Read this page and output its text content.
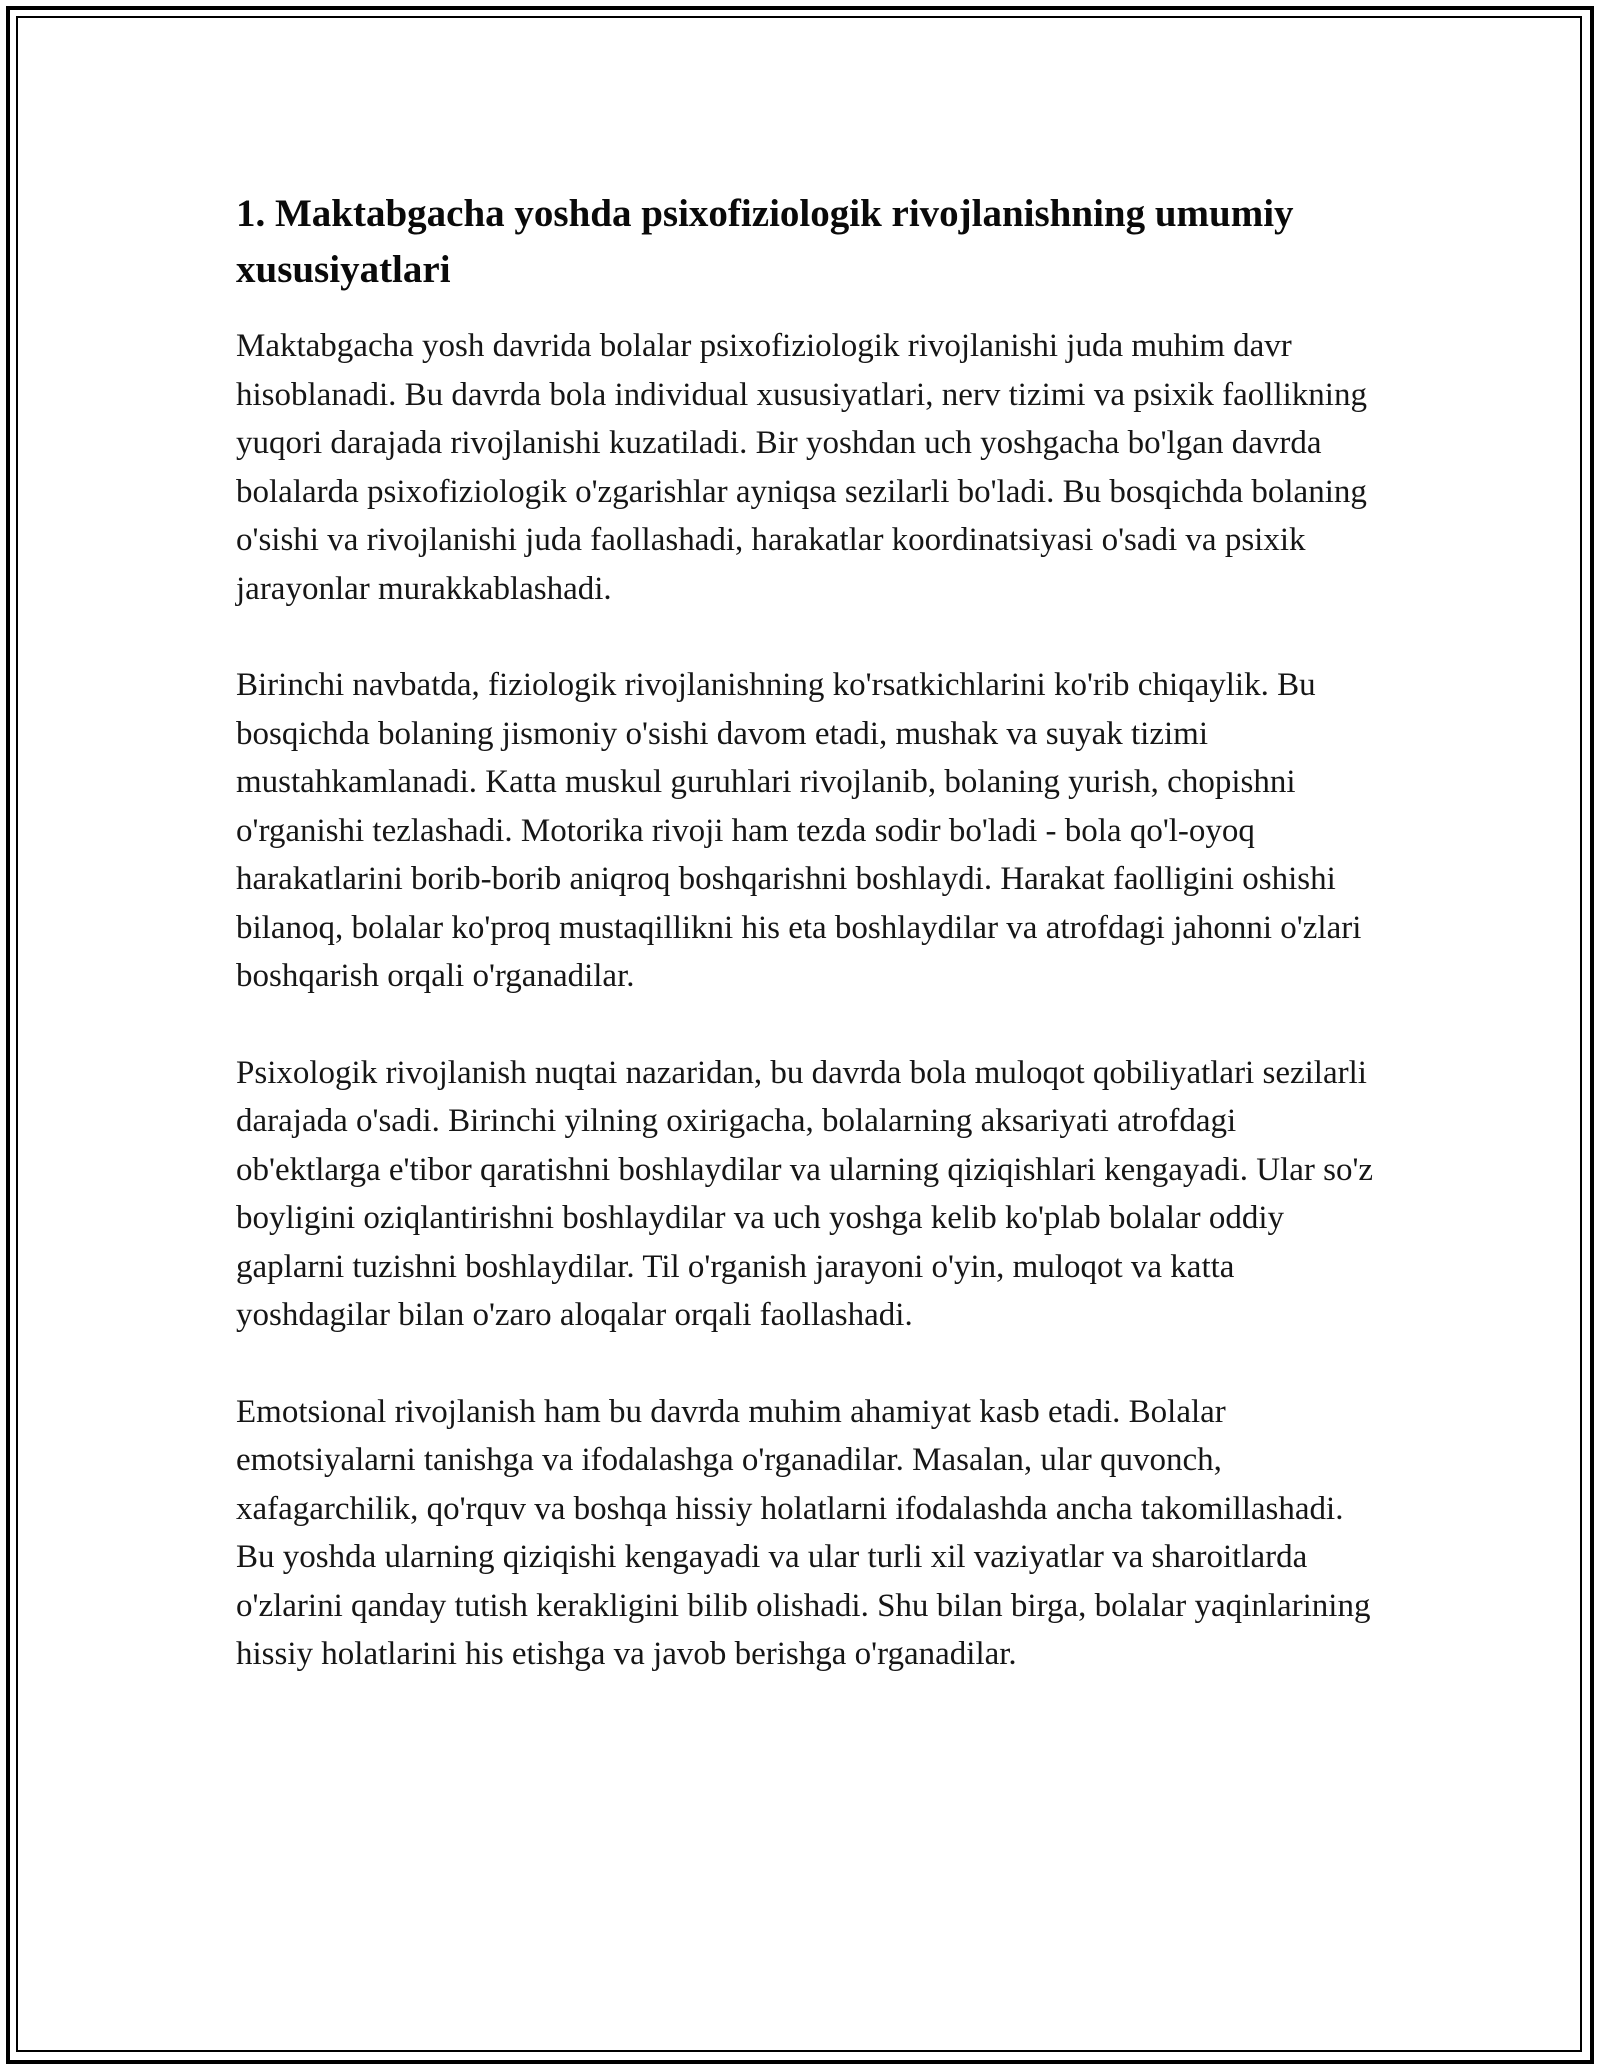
1. Maktabgacha yoshda psixofiziologik rivojlanishning umumiy xususiyatlari

Maktabgacha yosh davrida bolalar psixofiziologik rivojlanishi juda muhim davr hisoblanadi. Bu davrda bola individual xususiyatlari, nerv tizimi va psixik faollikning yuqori darajada rivojlanishi kuzatiladi. Bir yoshdan uch yoshgacha bo'lgan davrda bolalarda psixofiziologik o'zgarishlar ayniqsa sezilarli bo'ladi. Bu bosqichda bolaning o'sishi va rivojlanishi juda faollashadi, harakatlar koordinatsiyasi o'sadi va psixik jarayonlar murakkablashadi.

Birinchi navbatda, fiziologik rivojlanishning ko'rsatkichlarini ko'rib chiqaylik. Bu bosqichda bolaning jismoniy o'sishi davom etadi, mushak va suyak tizimi mustahkamlanadi. Katta muskul guruhlari rivojlanib, bolaning yurish, chopishni o'rganishi tezlashadi. Motorika rivoji ham tezda sodir bo'ladi - bola qo'l-oyoq harakatlarini borib-borib aniqroq boshqarishni boshlaydi. Harakat faolligini oshishi bilanoq, bolalar ko'proq mustaqillikni his eta boshlaydilar va atrofdagi jahonni o'zlari boshqarish orqali o'rganadilar.

Psixologik rivojlanish nuqtai nazaridan, bu davrda bola muloqot qobiliyatlari sezilarli darajada o'sadi. Birinchi yilning oxirigacha, bolalarning aksariyati atrofdagi ob'ektlarga e'tibor qaratishni boshlaydilar va ularning qiziqishlari kengayadi. Ular so'z boyligini oziqlantirishni boshlaydilar va uch yoshga kelib ko'plab bolalar oddiy gaplarni tuzishni boshlaydilar. Til o'rganish jarayoni o'yin, muloqot va katta yoshdagilar bilan o'zaro aloqalar orqali faollashadi.

Emotsional rivojlanish ham bu davrda muhim ahamiyat kasb etadi. Bolalar emotsiyalarni tanishga va ifodalashga o'rganadilar. Masalan, ular quvonch, xafagarchilik, qo'rquv va boshqa hissiy holatlarni ifodalashda ancha takomillashadi. Bu yoshda ularning qiziqishi kengayadi va ular turli xil vaziyatlar va sharoitlarda o'zlarini qanday tutish kerakligini bilib olishadi. Shu bilan birga, bolalar yaqinlarining hissiy holatlarini his etishga va javob berishga o'rganadilar.
